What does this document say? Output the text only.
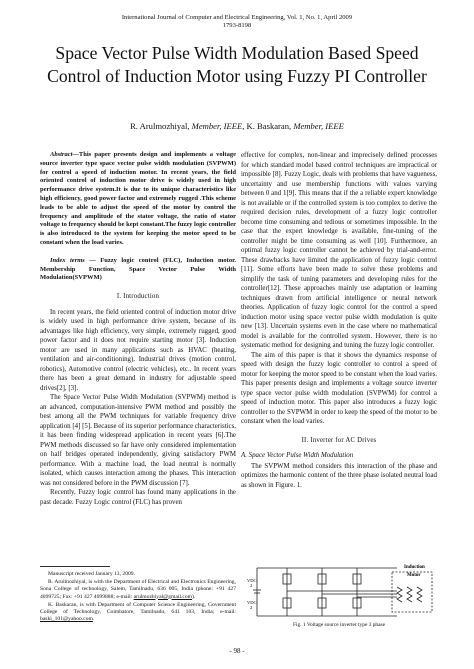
International Journal of Computer and Electrical Engineering, Vol. 1, No. 1, April 2009
1793-8198
Space Vector Pulse Width Modulation Based Speed Control of Induction Motor using Fuzzy PI Controller
R. Arulmozhiyal, Member, IEEE, K. Baskaran, Member, IEEE

Abstract—This paper presents design and implements a voltage source inverter type space vector pulse width modulation (SVPWM) for control a speed of induction motor. In recent years, the field oriented control of induction motor drive is widely used in high performance drive system.It is due to its unique characteristics like high efficiency, good power factor and extremely rugged .This scheme leads to be able to adjust the speed of the motor by control the frequency and amplitude of the stator voltage, the ratio of stator voltage to frequency should be kept constant.The fuzzy logic controller is also introduced to the system for keeping the motor speed to be constant when the load varies.

Index terms — Fuzzy logic control (FLC), Induction motor. Membership Function, Space Vector Pulse Width Modulation(SVPWM)

I. Introduction

In recent years, the field oriented control of induction motor drive is widely used in high performance drive system, because of its advantages like high efficiency, very simple, extremely rugged, good power factor and it does not require starting motor [3]. Induction motor are used in many applications such as HVAC (heating, ventilation and air-conditioning), Industrial drives (motion control, robotics), Automotive control (electric vehicles), etc.. In recent years there has been a great demand in industry for adjustable speed drives[2], [3].

The Space Vector Pulse Width Modulation (SVPWM) method is an advanced, computation-intensive PWM method and possibly the best among all the PWM techniques for variable frequency drive application [4] [5]. Because of its superior performance characteristics, it has been finding widespread application in recent years [6].The PWM methods discussed so far have only considered implementation on half bridges operated independently, giving satisfactory PWM performance. With a machine load, the load neutral is normally isolated, which causes interaction among the phases. This interaction was not considered before in the PWM discussion [7].

Recently, Fuzzy logic control has found many applications in the past decade. Fuzzy Logic control (FLC) has proven

Manuscript received January 13, 2009.

R. Arulmozhiyal, is with the Department of Electrical and Electronics Engineering, Sona College of technology, Salem, Tamilnadu, 636 005, India (phone: +91 427 4099725; Fax: +91 427 4099888; e-mail: arulmozhiyal@gmail.com).

K. Baskaran, is with Department of Computer Science Engineering, Government College of Technology, Coimbatore, Tamilnadu, 641 103, India; e-mail: baski_101@yahoo.com.

effective for complex, non-linear and imprecisely defined processes for which standard model based control techniques are impractical or impossible [8]. Fuzzy Logic, deals with problems that have vagueness, uncertainty and use membership functions with values varying between 0 and 1[9]. This means that if the a reliable expert knowledge is not available or if the controlled system is too complex to derive the required decision rules, development of a fuzzy logic controller become time consuming and tedious or sometimes impossible. In the case that the expert knowledge is available, fine-tuning of the controller might be time consuming as well [10]. Furthermore, an optimal fuzzy logic controller cannot be achieved by trial-and-error. These drawbacks have limited the application of fuzzy logic control [11]. Some efforts have been made to solve these problems and simplify the task of tuning parameters and developing rules for the controller[12]. These approaches mainly use adaptation or learning techniques drawn from artificial intelligence or neural network theories. Application of fuzzy logic control for the control a speed induction motor using space vector pulse width modulation is quite new [13]. Uncertain systems even in the case where no mathematical model is available for the controlled system. However, there is no systematic method for designing and tuning the fuzzy logic controller.

The aim of this paper is that it shows the dynamics response of speed with design the fuzzy logic controller to control a speed of motor for keeping the motor speed to be constant when the load varies. This paper presents design and implements a voltage source inverter type space vector pulse width modulation (SVPWM) for control a speed of induction motor. This paper also introduces a fuzzy logic controller to the SVPWM in order to keep the speed of the motor to be constant when the load varies.

II. Inverter for AC Drives
A. Space Vector Pulse Width Modulation

The SVPWM method considers this interaction of the phase and optimizes the harmonic content of the three phase isolated neutral load as shown in Figure. 1.

Induction
Motor
VDC
2
VDC
2
Fig. 1 Voltage source inverter type 3 phase
- 98 -
